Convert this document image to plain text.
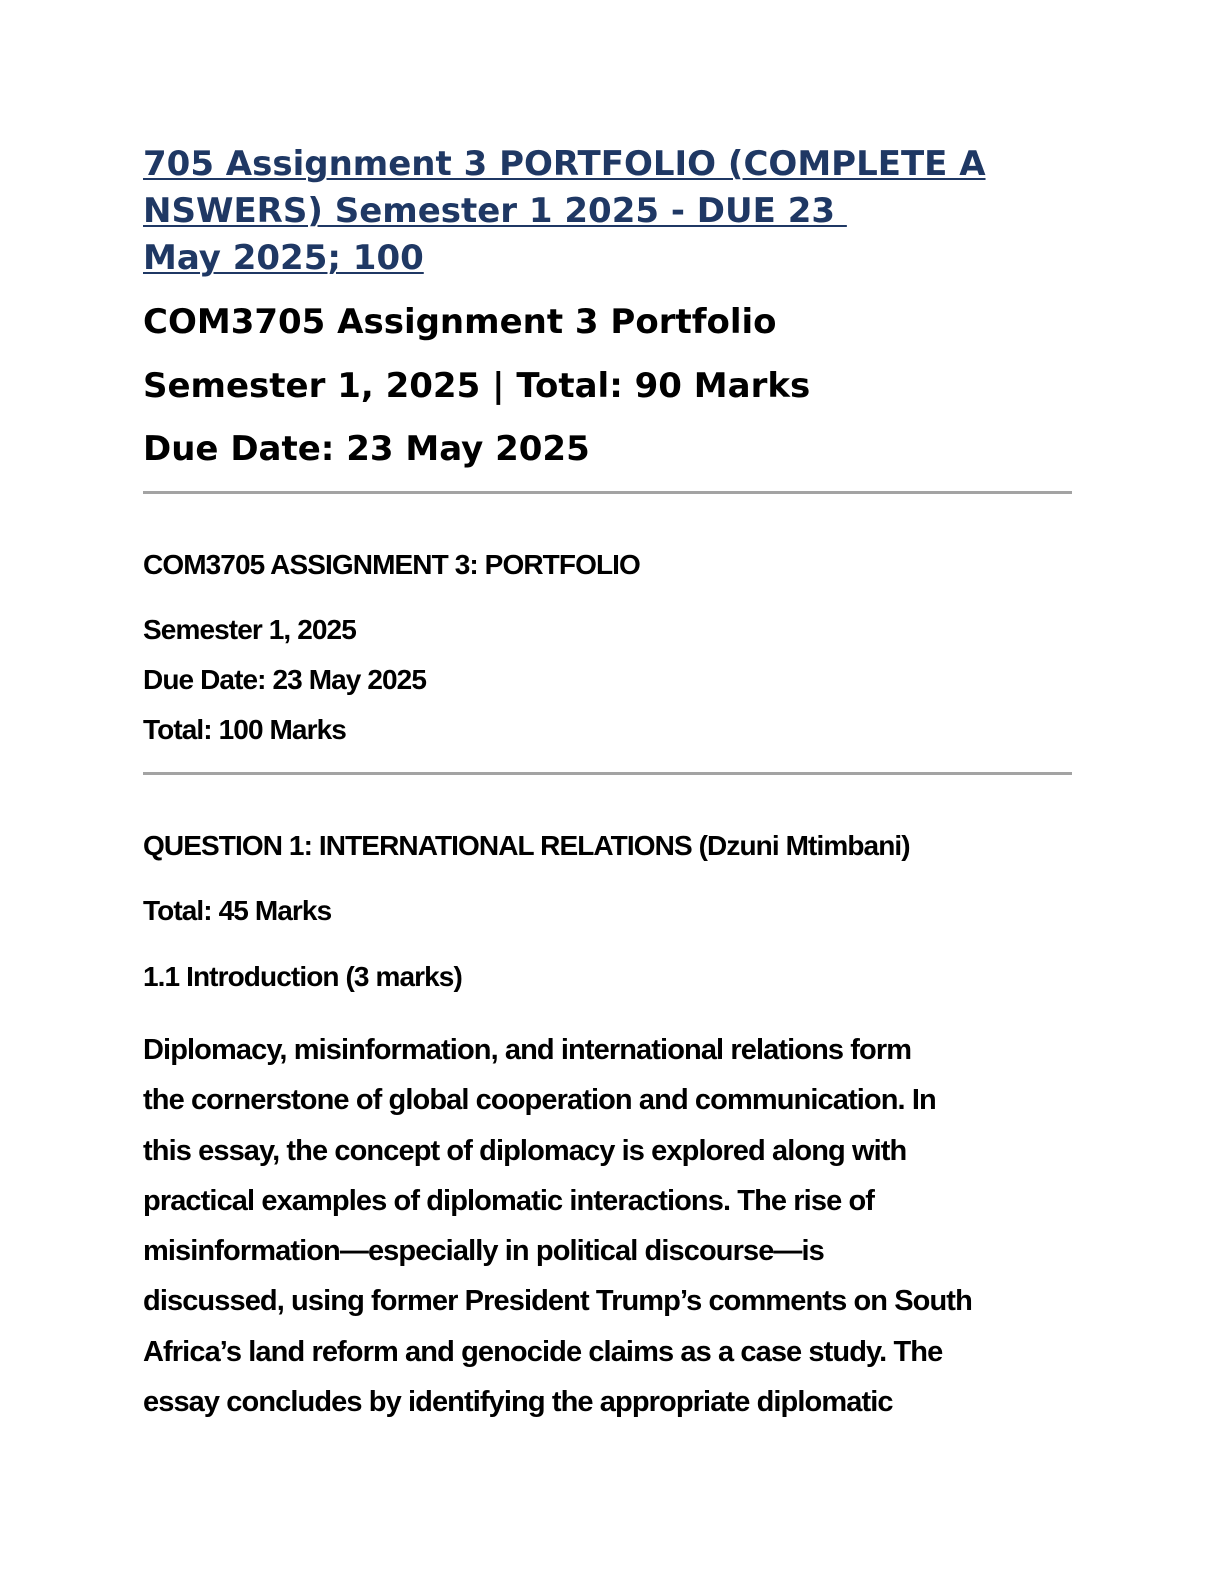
705 Assignment 3 PORTFOLIO (COMPLETE A
NSWERS) Semester 1 2025 - DUE 23
May 2025; 100
COM3705 Assignment 3 Portfolio
Semester 1, 2025 | Total: 90 Marks
Due Date: 23 May 2025
COM3705 ASSIGNMENT 3: PORTFOLIO
Semester 1, 2025
Due Date: 23 May 2025
Total: 100 Marks
QUESTION 1: INTERNATIONAL RELATIONS (Dzuni Mtimbani)
Total: 45 Marks
1.1 Introduction (3 marks)
Diplomacy, misinformation, and international relations form
the cornerstone of global cooperation and communication. In
this essay, the concept of diplomacy is explored along with
practical examples of diplomatic interactions. The rise of
misinformation—especially in political discourse—is
discussed, using former President Trump’s comments on South
Africa’s land reform and genocide claims as a case study. The
essay concludes by identifying the appropriate diplomatic
